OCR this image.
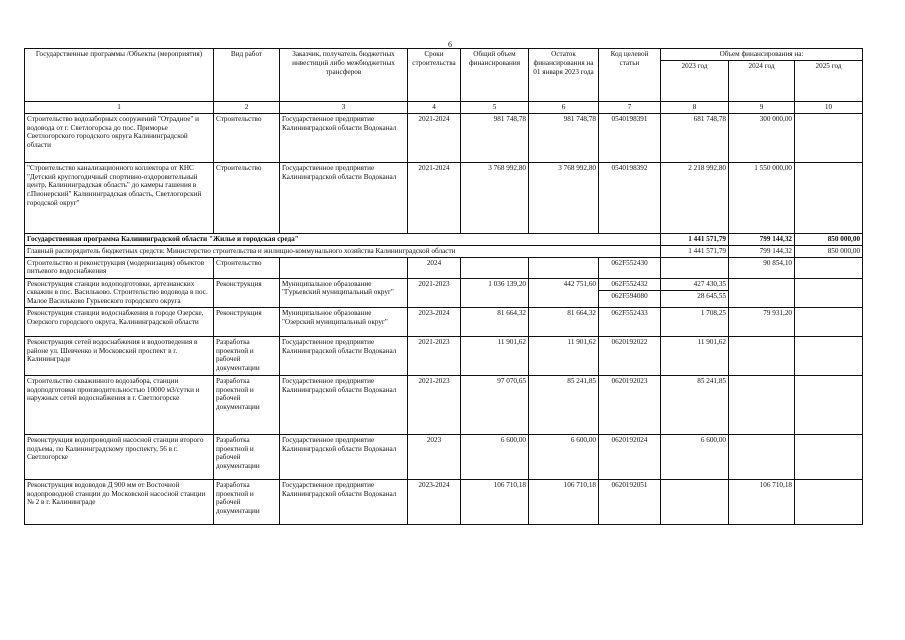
6
Государственные программы /Объекты (мероприятия)	Вид работ	Заказчик, получатель бюджетных инвестиций либо межбюджетных трансферов	Сроки строительства	Общий объем финансирования	Остаток финансирования на 01 января 2023 года	Код целевой статьи	Объем финансирования на:		
							2023 год	2024 год	2025 год
1	2	3	4	5	6	7	8	9	10
Строительство водозаборных сооружений "Отрадное" и водовода от г. Светлогорска до пос. Приморье Светлогорского городского округа Калининградской области	Строительство	Государственное предприятие Калининградской области Водоканал	2021-2024	981 748,78	981 748,78	0540198391	681 748,78	300 000,00	
"Строительство канализационного коллектора от КНС "Детский круглогодичный спортивно-оздоровительный центр, Калининградская область" до камеры гашения в г.Пионерский" Калининградская область, Светлогорский городской округ"	Строительство	Государственное предприятие Калининградской области Водоканал	2021-2024	3 768 992,80	3 768 992,80	0540198392	2 218 992,80	1 550 000,00	
Государственная программа Калининградской области "Жилье и городская среда"							1 441 571,79	799 144,32	850 000,00
Главный распорядитель бюджетных средств: Министерство строительства и жилищно-коммунального хозяйства Калининградской области							1 441 571,79	799 144,32	850 000,00
Строительство и реконструкция (модернизация) объектов питьевого водоснабжения	Строительство		2024			062F552430		90 854,10	
Реконструкция станции водоподготовки, артезианских скважин в пос. Васильково. Строительство водовода в пос. Малое Васильково Гурьевского городского округа	Реконструкция	Муниципальное образование "Гурьевский муниципальный округ"	2021-2023	1 036 139,20	442 751,60	062F552432	427 430,35		
						062F594080	28 645,55		
Реконструкция станции водоснабжения в городе Озерске, Озерского городского округа, Калининградской области	Реконструкция	Муниципальное образование "Озерский муниципальный округ"	2023-2024	81 664,32	81 664,32	062F552433	1 708,25	79 931,20	
Реконструкция сетей водоснабжения и водоотведения в районе ул. Шевченко и Московский проспект в г. Калининграде	Разработка проектной и рабочей документации	Государственное предприятие Калининградской области Водоканал	2021-2023	11 901,62	11 901,62	0620192022	11 901,62		
Строительство скважинного водозабора, станции водоподготовки производительностью 10000 м3/сутки и наружных сетей водоснабжения в г. Светлогорске	Разработка проектной и рабочей документации	Государственное предприятие Калининградской области Водоканал	2021-2023	97 070,65	85 241,85	0620192023	85 241,85		
Реконструкция водопроводной насосной станции второго подъема, по Калининградскому проспекту, 56 в г. Светлогорске	Разработка проектной и рабочей документации	Государственное предприятие Калининградской области Водоканал	2023	6 600,00	6 600,00	0620192024	6 600,00		
Реконструкция водоводов Д 900 мм от Восточной водопроводной станции до Московской насосной станции № 2 в г. Калининграде	Разработка проектной и рабочей документации	Государственное предприятие Калининградской области Водоканал	2023-2024	106 710,18	106 710,18	0620192051		106 710,18	
